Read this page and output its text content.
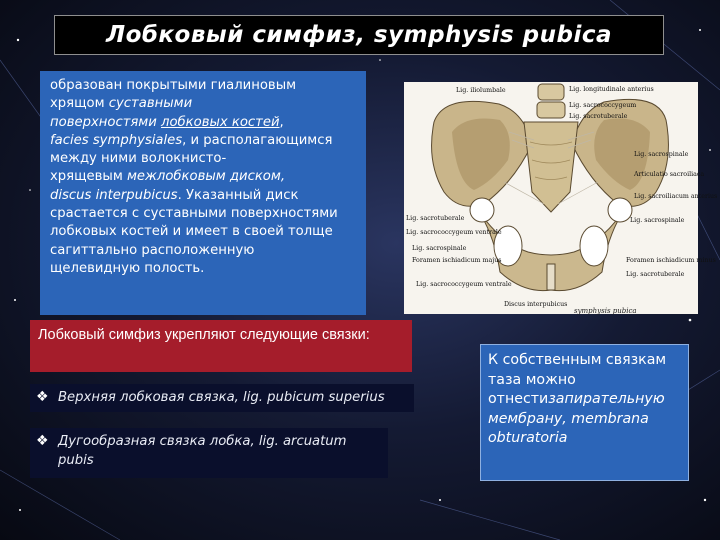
Лобковый симфиз, symphysis pubica
образован покрытыми гиалиновым
хрящом суставными
поверхностями лобковых костей,
facies symphysiales, и располагающимся
между ними волокнисто-
хрящевым межлобковым диском,
discus interpubicus. Указанный диск
срастается с суставными поверхностями
лобковых костей и имеет в своей толще
сагиттально расположенную
щелевидную полость.
Lig. iliolumbale	Lig. longitudinale anterius
Lig. sacrococcygeum
Lig. sacrotuberale
Lig. sacrospinale
Articulatio sacroiliaca
Lig. sacroiliacum anterius
Lig. sacrotuberale
Lig. sacrococcygeum ventrale
Lig. sacrospinale
Foramen ischiadicum majus
Lig. sacrospinale
Foramen ischiadicum minus
Lig. sacrotuberale
Discus interpubicus
Lig. sacrococcygeum ventrale
symphysis pubica
Лобковый симфиз укрепляют следующие связки:
❖ Верхняя лобковая связка, lig. pubicum superius
❖ Дугообразная связка лобка, lig. arcuatum pubis
К собственным связкам таза можно отнестизапирательную мембрану, membrana obturatoria
